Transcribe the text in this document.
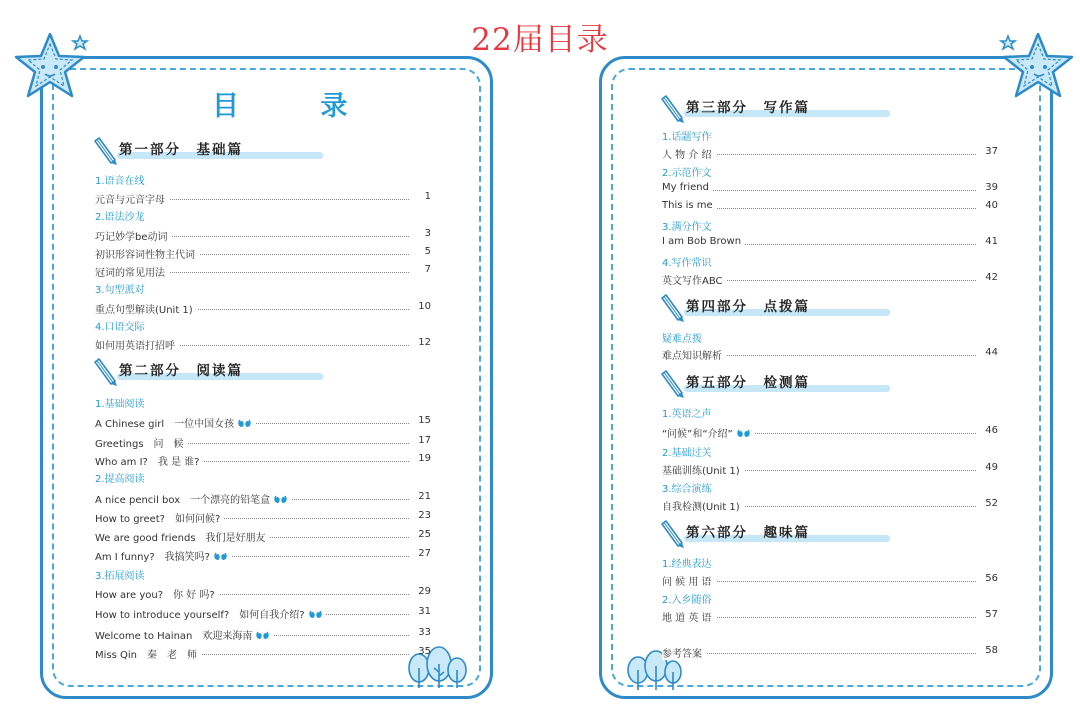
22届目录
目 录
第一部分　基础篇
1.语音在线
元音与元音字母	1
2.语法沙龙
巧记妙学be动词	3
初识形容词性物主代词	5
冠词的常见用法	7
3.句型派对
重点句型解读(Unit 1)	10
4.口语交际
如何用英语打招呼	12
第二部分　阅读篇
1.基础阅读
A Chinese girl　一位中国女孩	15
Greetings　问　候	17
Who am I?　我 是 谁?	19
2.提高阅读
A nice pencil box　一个漂亮的铅笔盒	21
How to greet?　如何问候?	23
We are good friends　我们是好朋友	25
Am I funny?　我搞笑吗?	27
3.拓展阅读
How are you?　你 好 吗?	29
How to introduce yourself?　如何自我介绍?	31
Welcome to Hainan　欢迎来海南	33
Miss Qin　秦　老　师	35
第三部分　写作篇
1.话题写作
人 物 介 绍	37
2.示范作文
My friend	39
This is me	40
3.满分作文
I am Bob Brown	41
4.写作常识
英文写作ABC	42
第四部分　点拨篇
疑难点拨
难点知识解析	44
第五部分　检测篇
1.英语之声
“问候”和“介绍”	46
2.基础过关
基础训练(Unit 1)	49
3.综合演练
自我检测(Unit 1)	52
第六部分　趣味篇
1.经典表达
问 候 用 语	56
2.入乡随俗
地 道 英 语	57
参考答案	58
